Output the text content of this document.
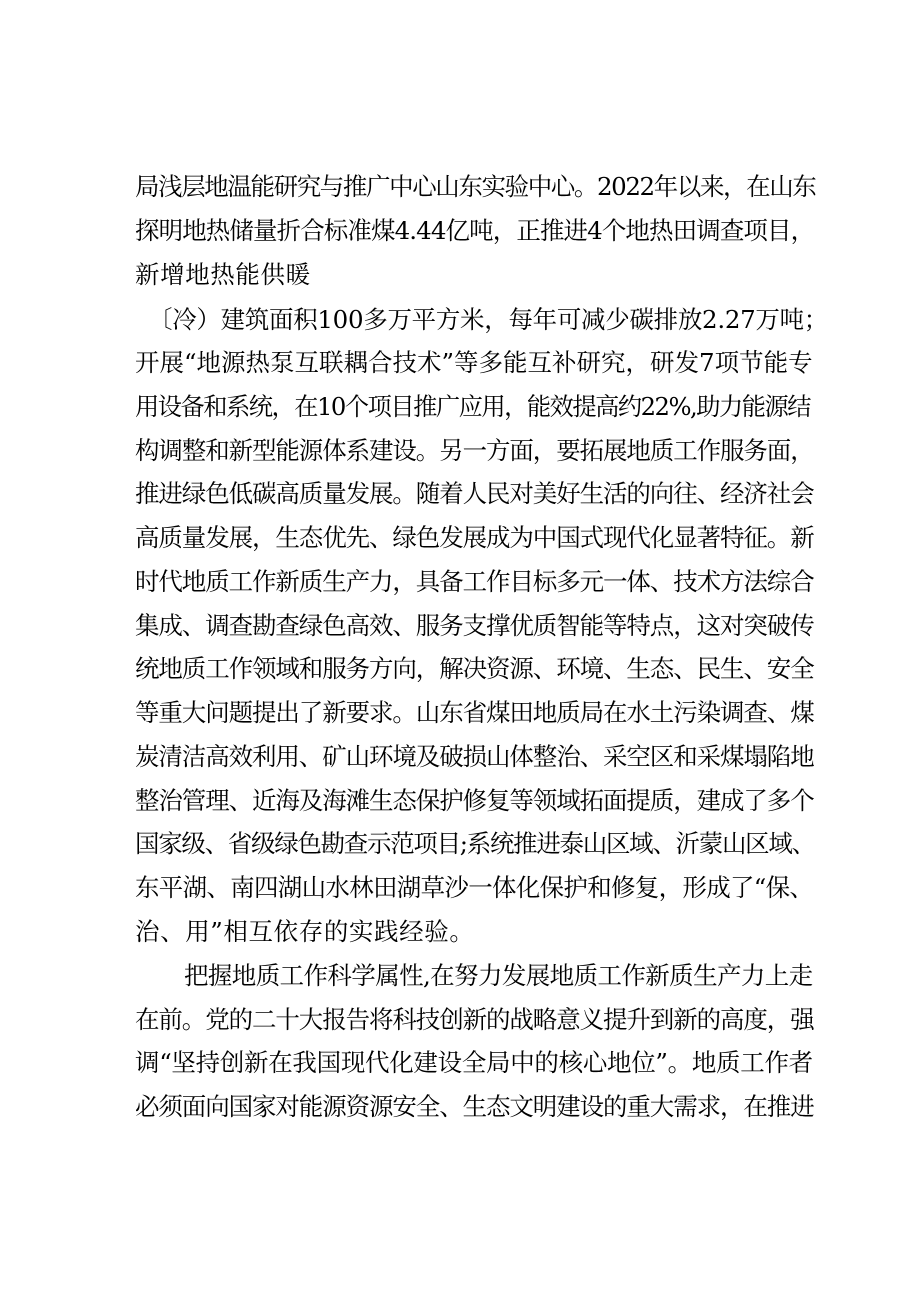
局浅层地温能研究与推广中心山东实验中心。2022年以来，在山东
探明地热储量折合标准煤4.44亿吨，正推进4个地热田调查项目，
新增地热能供暖
〔冷）建筑面积100多万平方米，每年可减少碳排放2.27万吨；
开展“地源热泵互联耦合技术”等多能互补研究，研发7项节能专
用设备和系统，在10个项目推广应用，能效提高约22%,助力能源结
构调整和新型能源体系建设。另一方面，要拓展地质工作服务面，
推进绿色低碳高质量发展。随着人民对美好生活的向往、经济社会
高质量发展，生态优先、绿色发展成为中国式现代化显著特征。新
时代地质工作新质生产力，具备工作目标多元一体、技术方法综合
集成、调查勘查绿色高效、服务支撑优质智能等特点，这对突破传
统地质工作领域和服务方向，解决资源、环境、生态、民生、安全
等重大问题提出了新要求。山东省煤田地质局在水土污染调查、煤
炭清洁高效利用、矿山环境及破损山体整治、采空区和采煤塌陷地
整治管理、近海及海滩生态保护修复等领域拓面提质，建成了多个
国家级、省级绿色勘查示范项目;系统推进泰山区域、沂蒙山区域、
东平湖、南四湖山水林田湖草沙一体化保护和修复，形成了“保、
治、用”相互依存的实践经验。
把握地质工作科学属性,在努力发展地质工作新质生产力上走
在前。党的二十大报告将科技创新的战略意义提升到新的高度，强
调“坚持创新在我国现代化建设全局中的核心地位”。地质工作者
必须面向国家对能源资源安全、生态文明建设的重大需求，在推进
